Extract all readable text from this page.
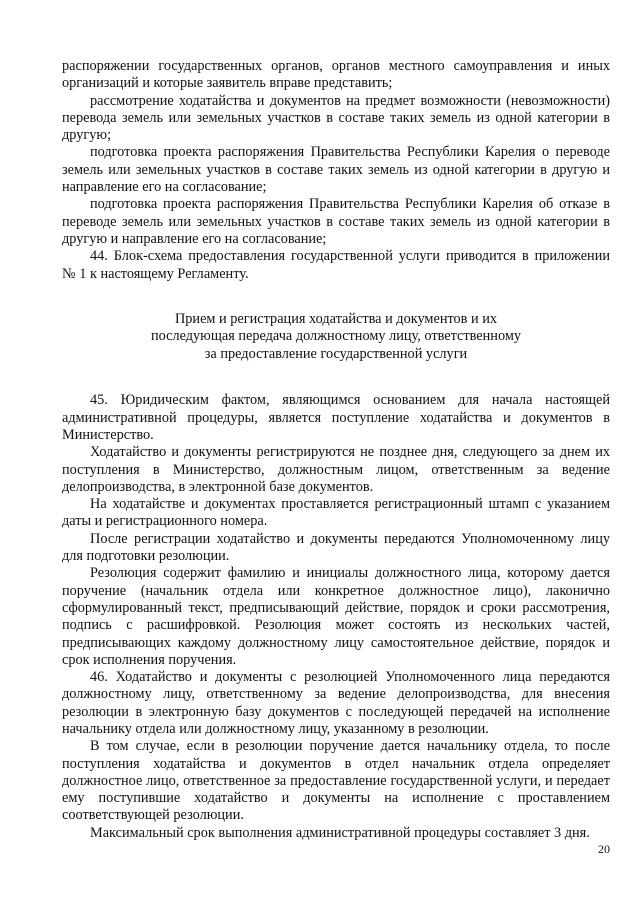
распоряжении государственных органов, органов местного самоуправления и иных организаций и которые заявитель вправе представить;

рассмотрение ходатайства и документов на предмет возможности (невозможности) перевода земель или земельных участков в составе таких земель из одной категории в другую;

подготовка проекта распоряжения Правительства Республики Карелия о переводе земель или земельных участков в составе таких земель из одной категории в другую и направление его на согласование;

подготовка проекта распоряжения Правительства Республики Карелия об отказе в переводе земель или земельных участков в составе таких земель из одной категории в другую и направление его на согласование;

44. Блок-схема предоставления государственной услуги приводится в приложении № 1 к настоящему Регламенту.

Прием и регистрация ходатайства и документов и их
последующая передача должностному лицу, ответственному
за предоставление государственной услуги

45. Юридическим фактом, являющимся основанием для начала настоящей административной процедуры, является поступление ходатайства и документов в Министерство.

Ходатайство и документы регистрируются не позднее дня, следующего за днем их поступления в Министерство, должностным лицом, ответственным за ведение делопроизводства, в электронной базе документов.

На ходатайстве и документах проставляется регистрационный штамп с указанием даты и регистрационного номера.

После регистрации ходатайство и документы передаются Уполномоченному лицу для подготовки резолюции.

Резолюция содержит фамилию и инициалы должностного лица, которому дается поручение (начальник отдела или конкретное должностное лицо), лаконично сформулированный текст, предписывающий действие, порядок и сроки рассмотрения, подпись с расшифровкой. Резолюция может состоять из нескольких частей, предписывающих каждому должностному лицу самостоятельное действие, порядок и срок исполнения поручения.

46. Ходатайство и документы с резолюцией Уполномоченного лица передаются должностному лицу, ответственному за ведение делопроизводства, для внесения резолюции в электронную базу документов с последующей передачей на исполнение начальнику отдела или должностному лицу, указанному в резолюции.

В том случае, если в резолюции поручение дается начальнику отдела, то после поступления ходатайства и документов в отдел начальник отдела определяет должностное лицо, ответственное за предоставление государственной услуги, и передает ему поступившие ходатайство и документы на исполнение с проставлением соответствующей резолюции.

Максимальный срок выполнения административной процедуры составляет 3 дня.

20
